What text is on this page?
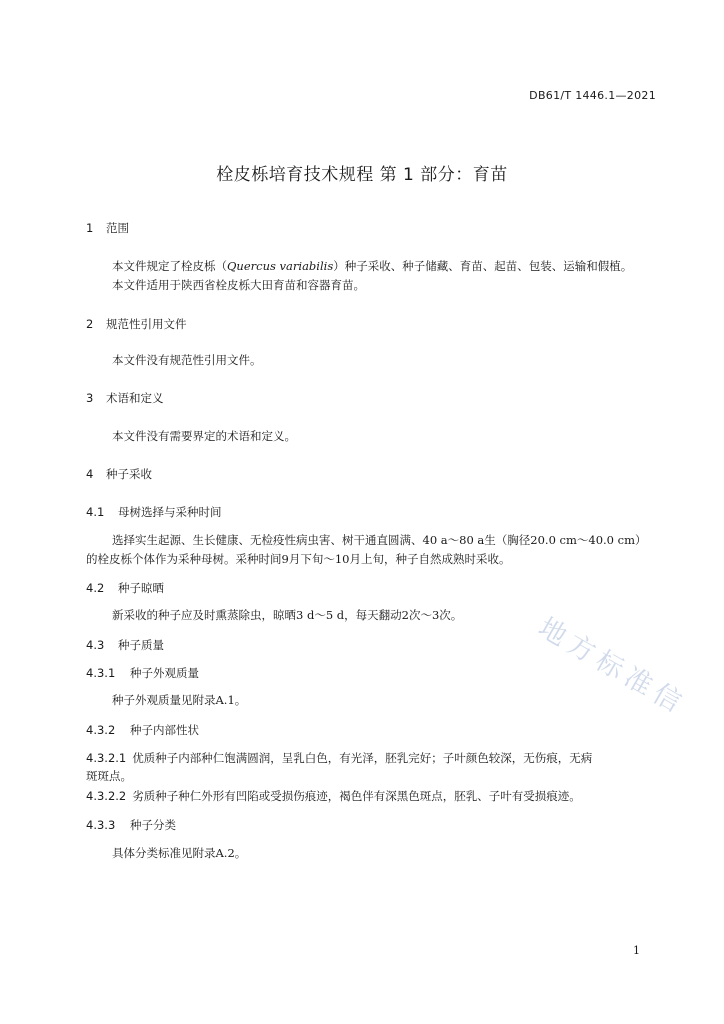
DB61/T 1446.1—2021
栓皮栎培育技术规程 第 1 部分：育苗
1 范围
本文件规定了栓皮栎（Quercus variabilis）种子采收、种子储藏、育苗、起苗、包装、运输和假植。
本文件适用于陕西省栓皮栎大田育苗和容器育苗。
2 规范性引用文件
本文件没有规范性引用文件。
3 术语和定义
本文件没有需要界定的术语和定义。
4 种子采收
4.1 母树选择与采种时间
选择实生起源、生长健康、无检疫性病虫害、树干通直圆满、40 a～80 a生（胸径20.0 cm～40.0 cm）
的栓皮栎个体作为采种母树。采种时间9月下旬～10月上旬，种子自然成熟时采收。
4.2 种子晾晒
新采收的种子应及时熏蒸除虫，晾晒3 d～5 d，每天翻动2次～3次。
4.3 种子质量
4.3.1 种子外观质量
种子外观质量见附录A.1。
4.3.2 种子内部性状
4.3.2.1 优质种子内部种仁饱满圆润，呈乳白色，有光泽，胚乳完好；子叶颜色较深，无伤痕，无病
斑斑点。
4.3.2.2 劣质种子种仁外形有凹陷或受损伤痕迹，褐色伴有深黑色斑点，胚乳、子叶有受损痕迹。
4.3.3 种子分类
具体分类标准见附录A.2。
地方标准信
1
